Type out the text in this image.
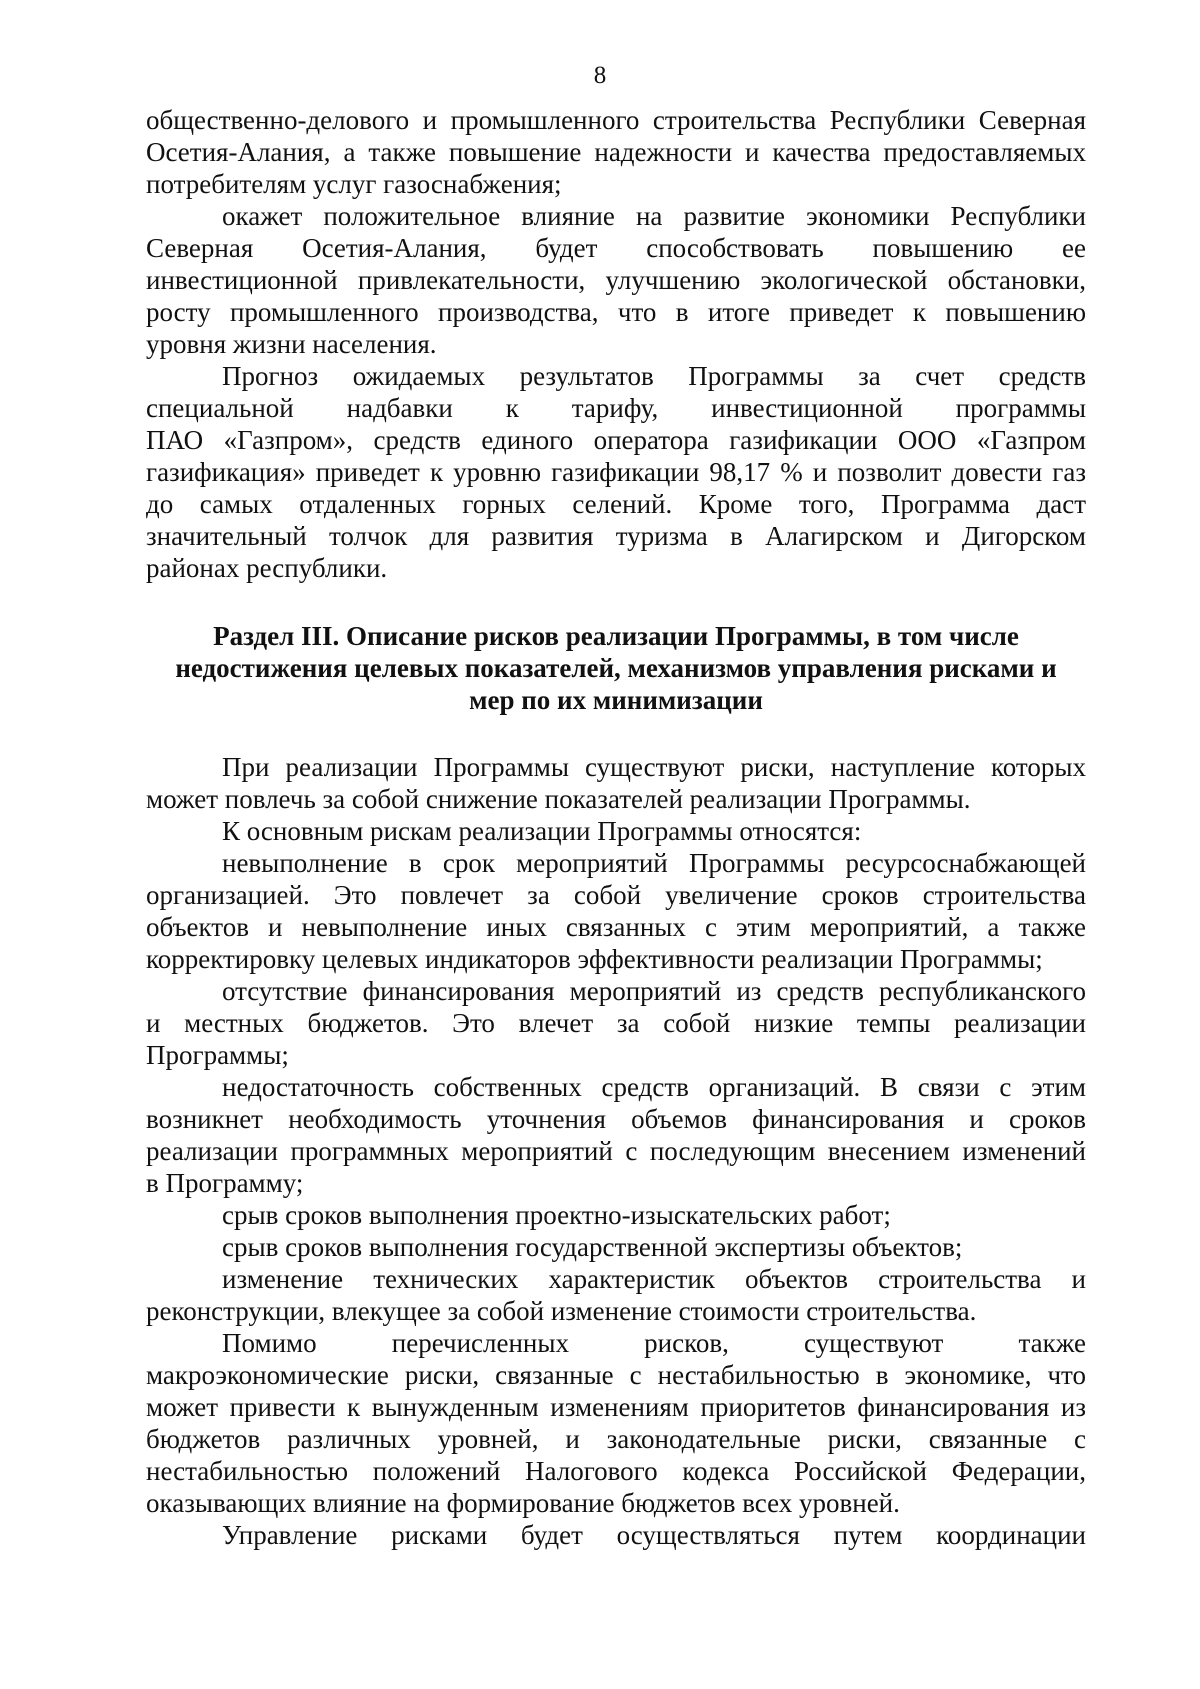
8
общественно-делового и промышленного строительства Республики Северная
Осетия-Алания, а также повышение надежности и качества предоставляемых
потребителям услуг газоснабжения;
окажет положительное влияние на развитие экономики Республики
Северная Осетия-Алания, будет способствовать повышению ее
инвестиционной привлекательности, улучшению экологической обстановки,
росту промышленного производства, что в итоге приведет к повышению
уровня жизни населения.
Прогноз ожидаемых результатов Программы за счет средств
специальной надбавки к тарифу, инвестиционной программы
ПАО «Газпром», средств единого оператора газификации ООО «Газпром
газификация» приведет к уровню газификации 98,17 % и позволит довести газ
до самых отдаленных горных селений. Кроме того, Программа даст
значительный толчок для развития туризма в Алагирском и Дигорском
районах республики.
Раздел III. Описание рисков реализации Программы, в том числе
недостижения целевых показателей, механизмов управления рисками и
мер по их минимизации
При реализации Программы существуют риски, наступление которых
может повлечь за собой снижение показателей реализации Программы.
К основным рискам реализации Программы относятся:
невыполнение в срок мероприятий Программы ресурсоснабжающей
организацией. Это повлечет за собой увеличение сроков строительства
объектов и невыполнение иных связанных с этим мероприятий, а также
корректировку целевых индикаторов эффективности реализации Программы;
отсутствие финансирования мероприятий из средств республиканского
и местных бюджетов. Это влечет за собой низкие темпы реализации
Программы;
недостаточность собственных средств организаций. В связи с этим
возникнет необходимость уточнения объемов финансирования и сроков
реализации программных мероприятий с последующим внесением изменений
в Программу;
срыв сроков выполнения проектно-изыскательских работ;
срыв сроков выполнения государственной экспертизы объектов;
изменение технических характеристик объектов строительства и
реконструкции, влекущее за собой изменение стоимости строительства.
Помимо перечисленных рисков, существуют также
макроэкономические риски, связанные с нестабильностью в экономике, что
может привести к вынужденным изменениям приоритетов финансирования из
бюджетов различных уровней, и законодательные риски, связанные с
нестабильностью положений Налогового кодекса Российской Федерации,
оказывающих влияние на формирование бюджетов всех уровней.
Управление рисками будет осуществляться путем координации
